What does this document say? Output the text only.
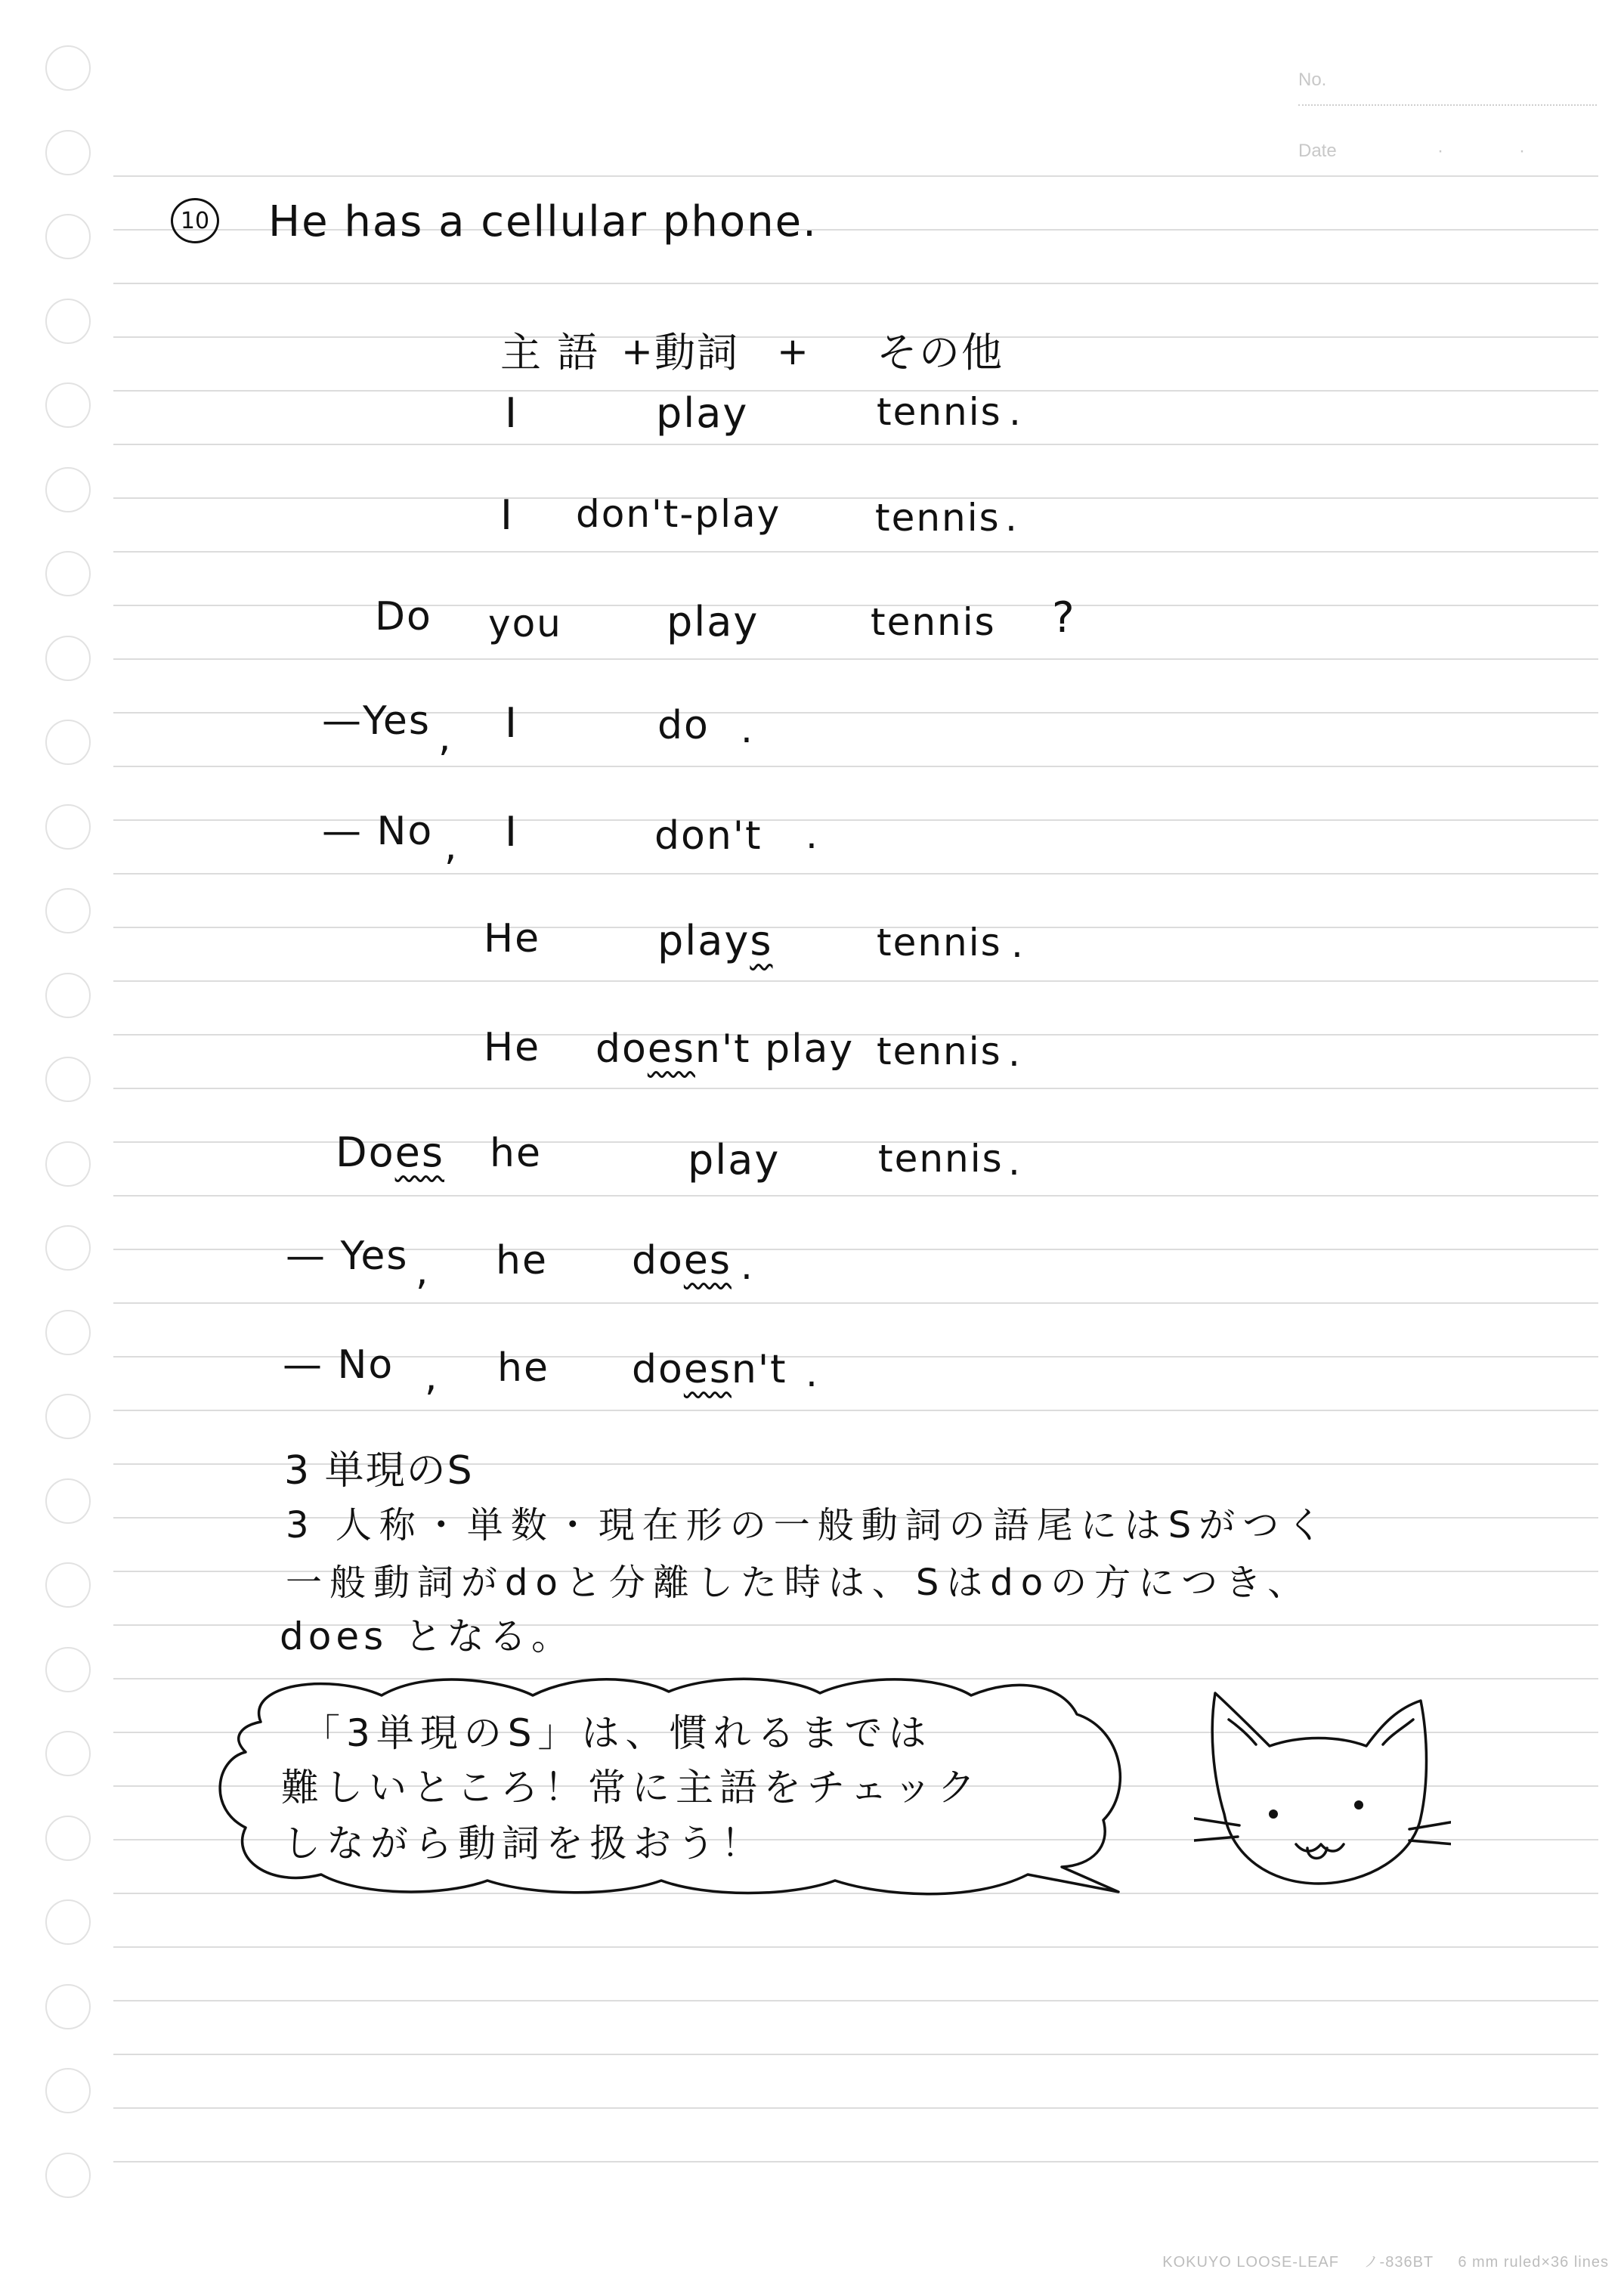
No.
Date	·	·
10 He has a cellular phone.
主 語 + 動詞 + その他
I	play	tennis .
I don't-play tennis .
Do you	play	tennis ?
—Yes , I	do .
— No , I	don't .
He	plays	tennis .
He doesn't play tennis .
Does he	play	tennis .
— Yes , he does .
— No , he doesn't .
3 単現のS
3 人称・単数・現在形の一般動詞の語尾にはSがつく
一般動詞がdoと分離した時は、Sはdoの方につき、
does となる。
「3単現のS」は、慣れるまでは
難しいところ！常に主語をチェック
しながら動詞を扱おう！
KOKUYO LOOSE-LEAF ノ-836BT 6 mm ruled×36 lines
